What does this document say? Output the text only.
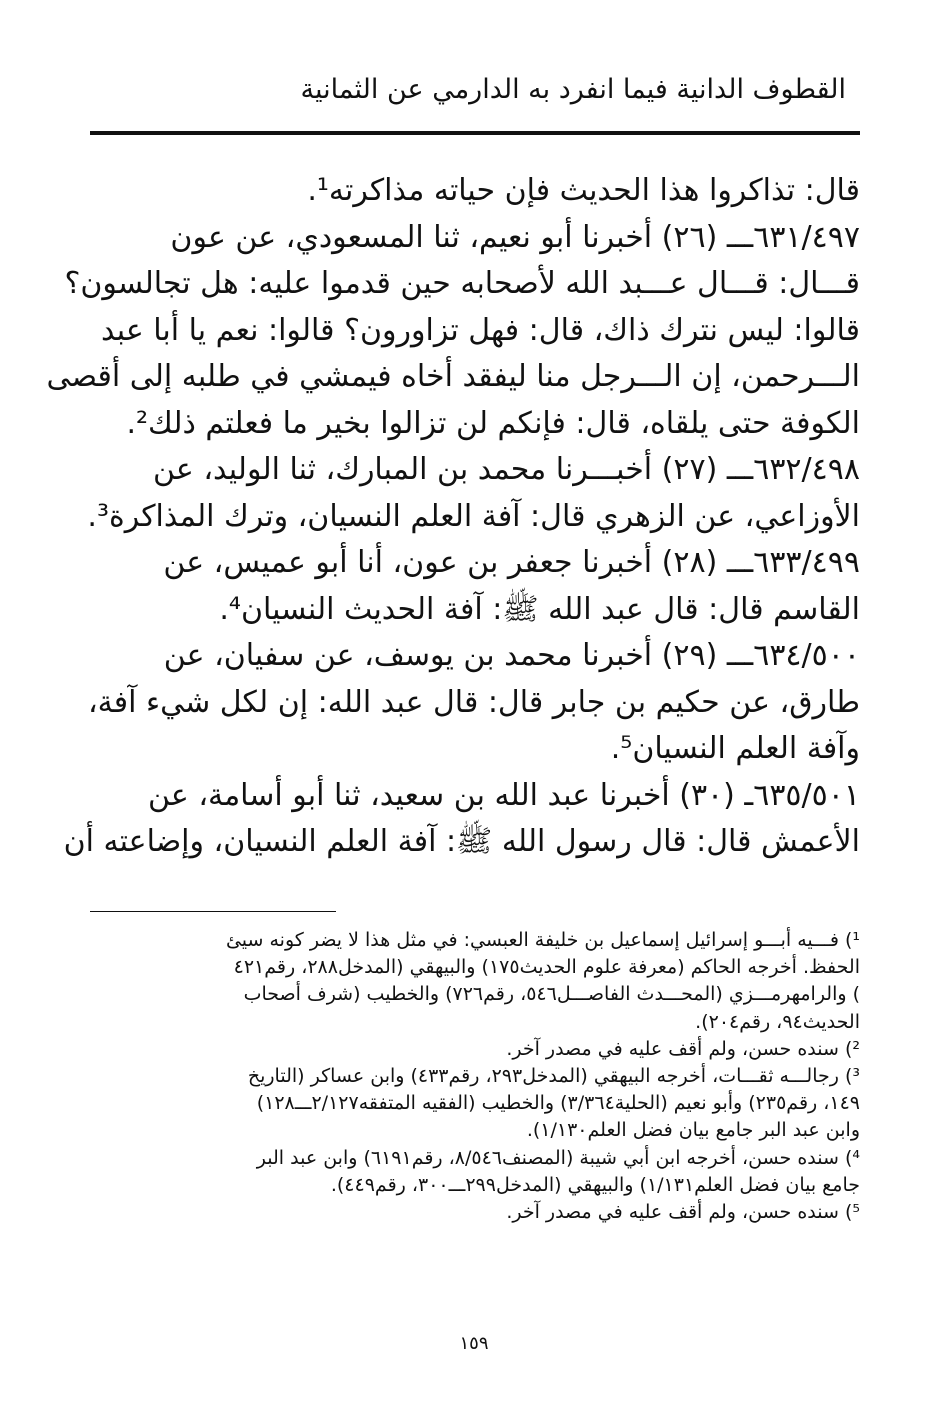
القطوف الدانية فيما انفرد به الدارمي عن الثمانية
قال: تذاكروا هذا الحديث فإن حياته مذاكرته¹.
٦٣١/٤٩٧ـــ (٢٦) أخبرنا أبو نعيم، ثنا المسعودي، عن عون
قـــال: قـــال عـــبد الله لأصحابه حين قدموا عليه: هل تجالسون؟
قالوا: ليس نترك ذاك، قال: فهل تزاورون؟ قالوا: نعم يا أبا عبد
الـــرحمن، إن الـــرجل منا ليفقد أخاه فيمشي في طلبه إلى أقصى
الكوفة حتى يلقاه، قال: فإنكم لن تزالوا بخير ما فعلتم ذلك².
٦٣٢/٤٩٨ـــ (٢٧) أخبـــرنا محمد بن المبارك، ثنا الوليد، عن
الأوزاعي، عن الزهري قال: آفة العلم النسيان، وترك المذاكرة³.
٦٣٣/٤٩٩ـــ (٢٨) أخبرنا جعفر بن عون، أنا أبو عميس، عن
القاسم قال: قال عبد الله ﷺ: آفة الحديث النسيان⁴.
٦٣٤/٥٠٠ـــ (٢٩) أخبرنا محمد بن يوسف، عن سفيان، عن
طارق، عن حكيم بن جابر قال: قال عبد الله: إن لكل شيء آفة،
وآفة العلم النسيان⁵.
٦٣٥/٥٠١ـ (٣٠) أخبرنا عبد الله بن سعيد، ثنا أبو أسامة، عن
الأعمش قال: قال رسول الله ﷺ: آفة العلم النسيان، وإضاعته أن
¹) فـــيه أبـــو إسرائيل إسماعيل بن خليفة العبسي: في مثل هذا لا يضر كونه سيئ
الحفظ. أخرجه الحاكم (معرفة علوم الحديث١٧٥) والبيهقي (المدخل٢٨٨، رقم٤٢١
) والرامهرمـــزي (المحـــدث الفاصـــل٥٤٦، رقم٧٢٦) والخطيب (شرف أصحاب
الحديث٩٤، رقم٢٠٤).
²) سنده حسن، ولم أقف عليه في مصدر آخر.
³) رجالـــه ثقـــات، أخرجه البيهقي (المدخل٢٩٣، رقم٤٣٣) وابن عساكر (التاريخ
١٤٩، رقم٢٣٥) وأبو نعيم (الحلية٣/٣٦٤) والخطيب (الفقيه المتفقه٢/١٢٧ـــ١٢٨)
وابن عبد البر جامع بيان فضل العلم١/١٣٠).
⁴) سنده حسن، أخرجه ابن أبي شيبة (المصنف٨/٥٤٦، رقم٦١٩١) وابن عبد البر
جامع بيان فضل العلم١/١٣١) والبيهقي (المدخل٢٩٩ـــ٣٠٠، رقم٤٤٩).
⁵) سنده حسن، ولم أقف عليه في مصدر آخر.
١٥٩
